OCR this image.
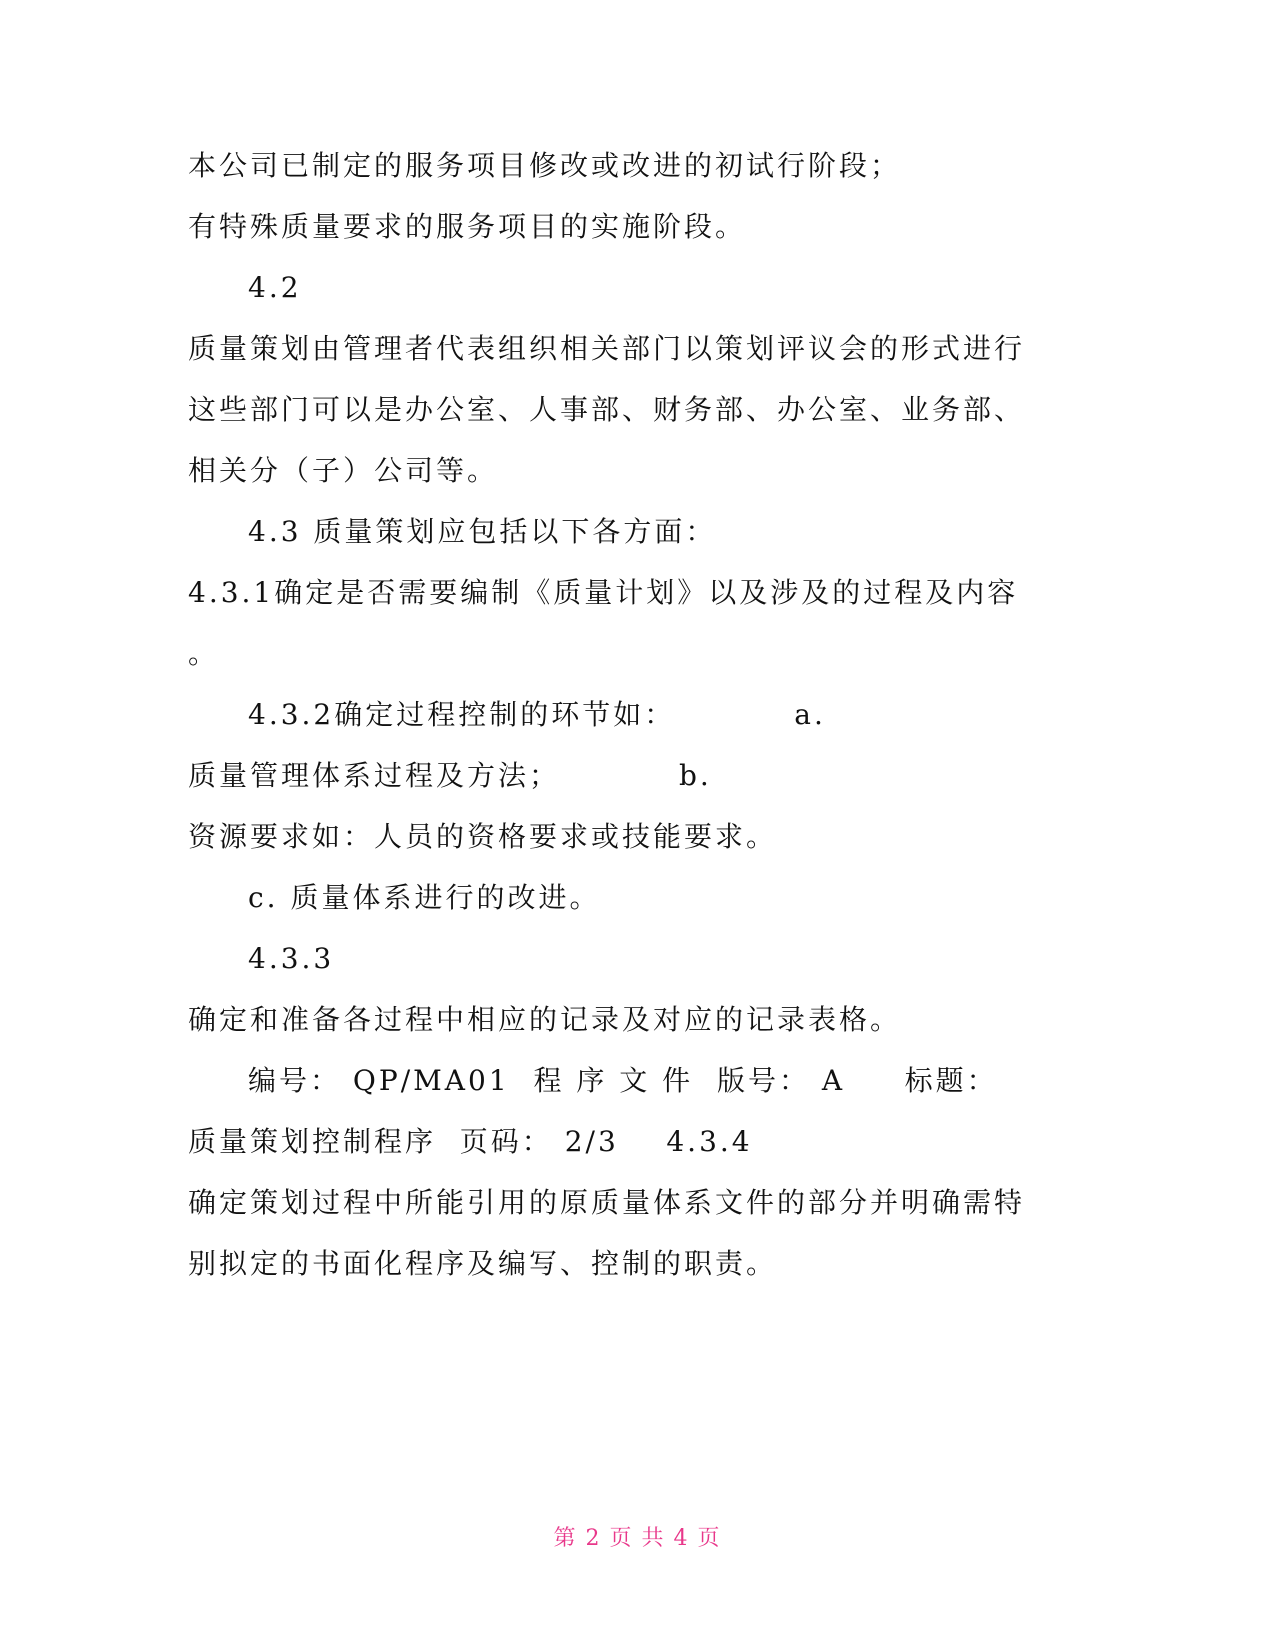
本公司已制定的服务项目修改或改进的初试行阶段；
有特殊质量要求的服务项目的实施阶段。
4.2
质量策划由管理者代表组织相关部门以策划评议会的形式进行
这些部门可以是办公室、人事部、财务部、办公室、业务部、
相关分（子）公司等。
4.3 质量策划应包括以下各方面：
4.3.1确定是否需要编制《质量计划》以及涉及的过程及内容
。
4.3.2确定过程控制的环节如：          a.
质量管理体系过程及方法；          b.
资源要求如：人员的资格要求或技能要求。
c. 质量体系进行的改进。
4.3.3
确定和准备各过程中相应的记录及对应的记录表格。
编号： QP/MA01  程 序 文 件  版号： A     标题：
质量策划控制程序  页码： 2/3    4.3.4
确定策划过程中所能引用的原质量体系文件的部分并明确需特
别拟定的书面化程序及编写、控制的职责。
第 2 页 共 4 页
